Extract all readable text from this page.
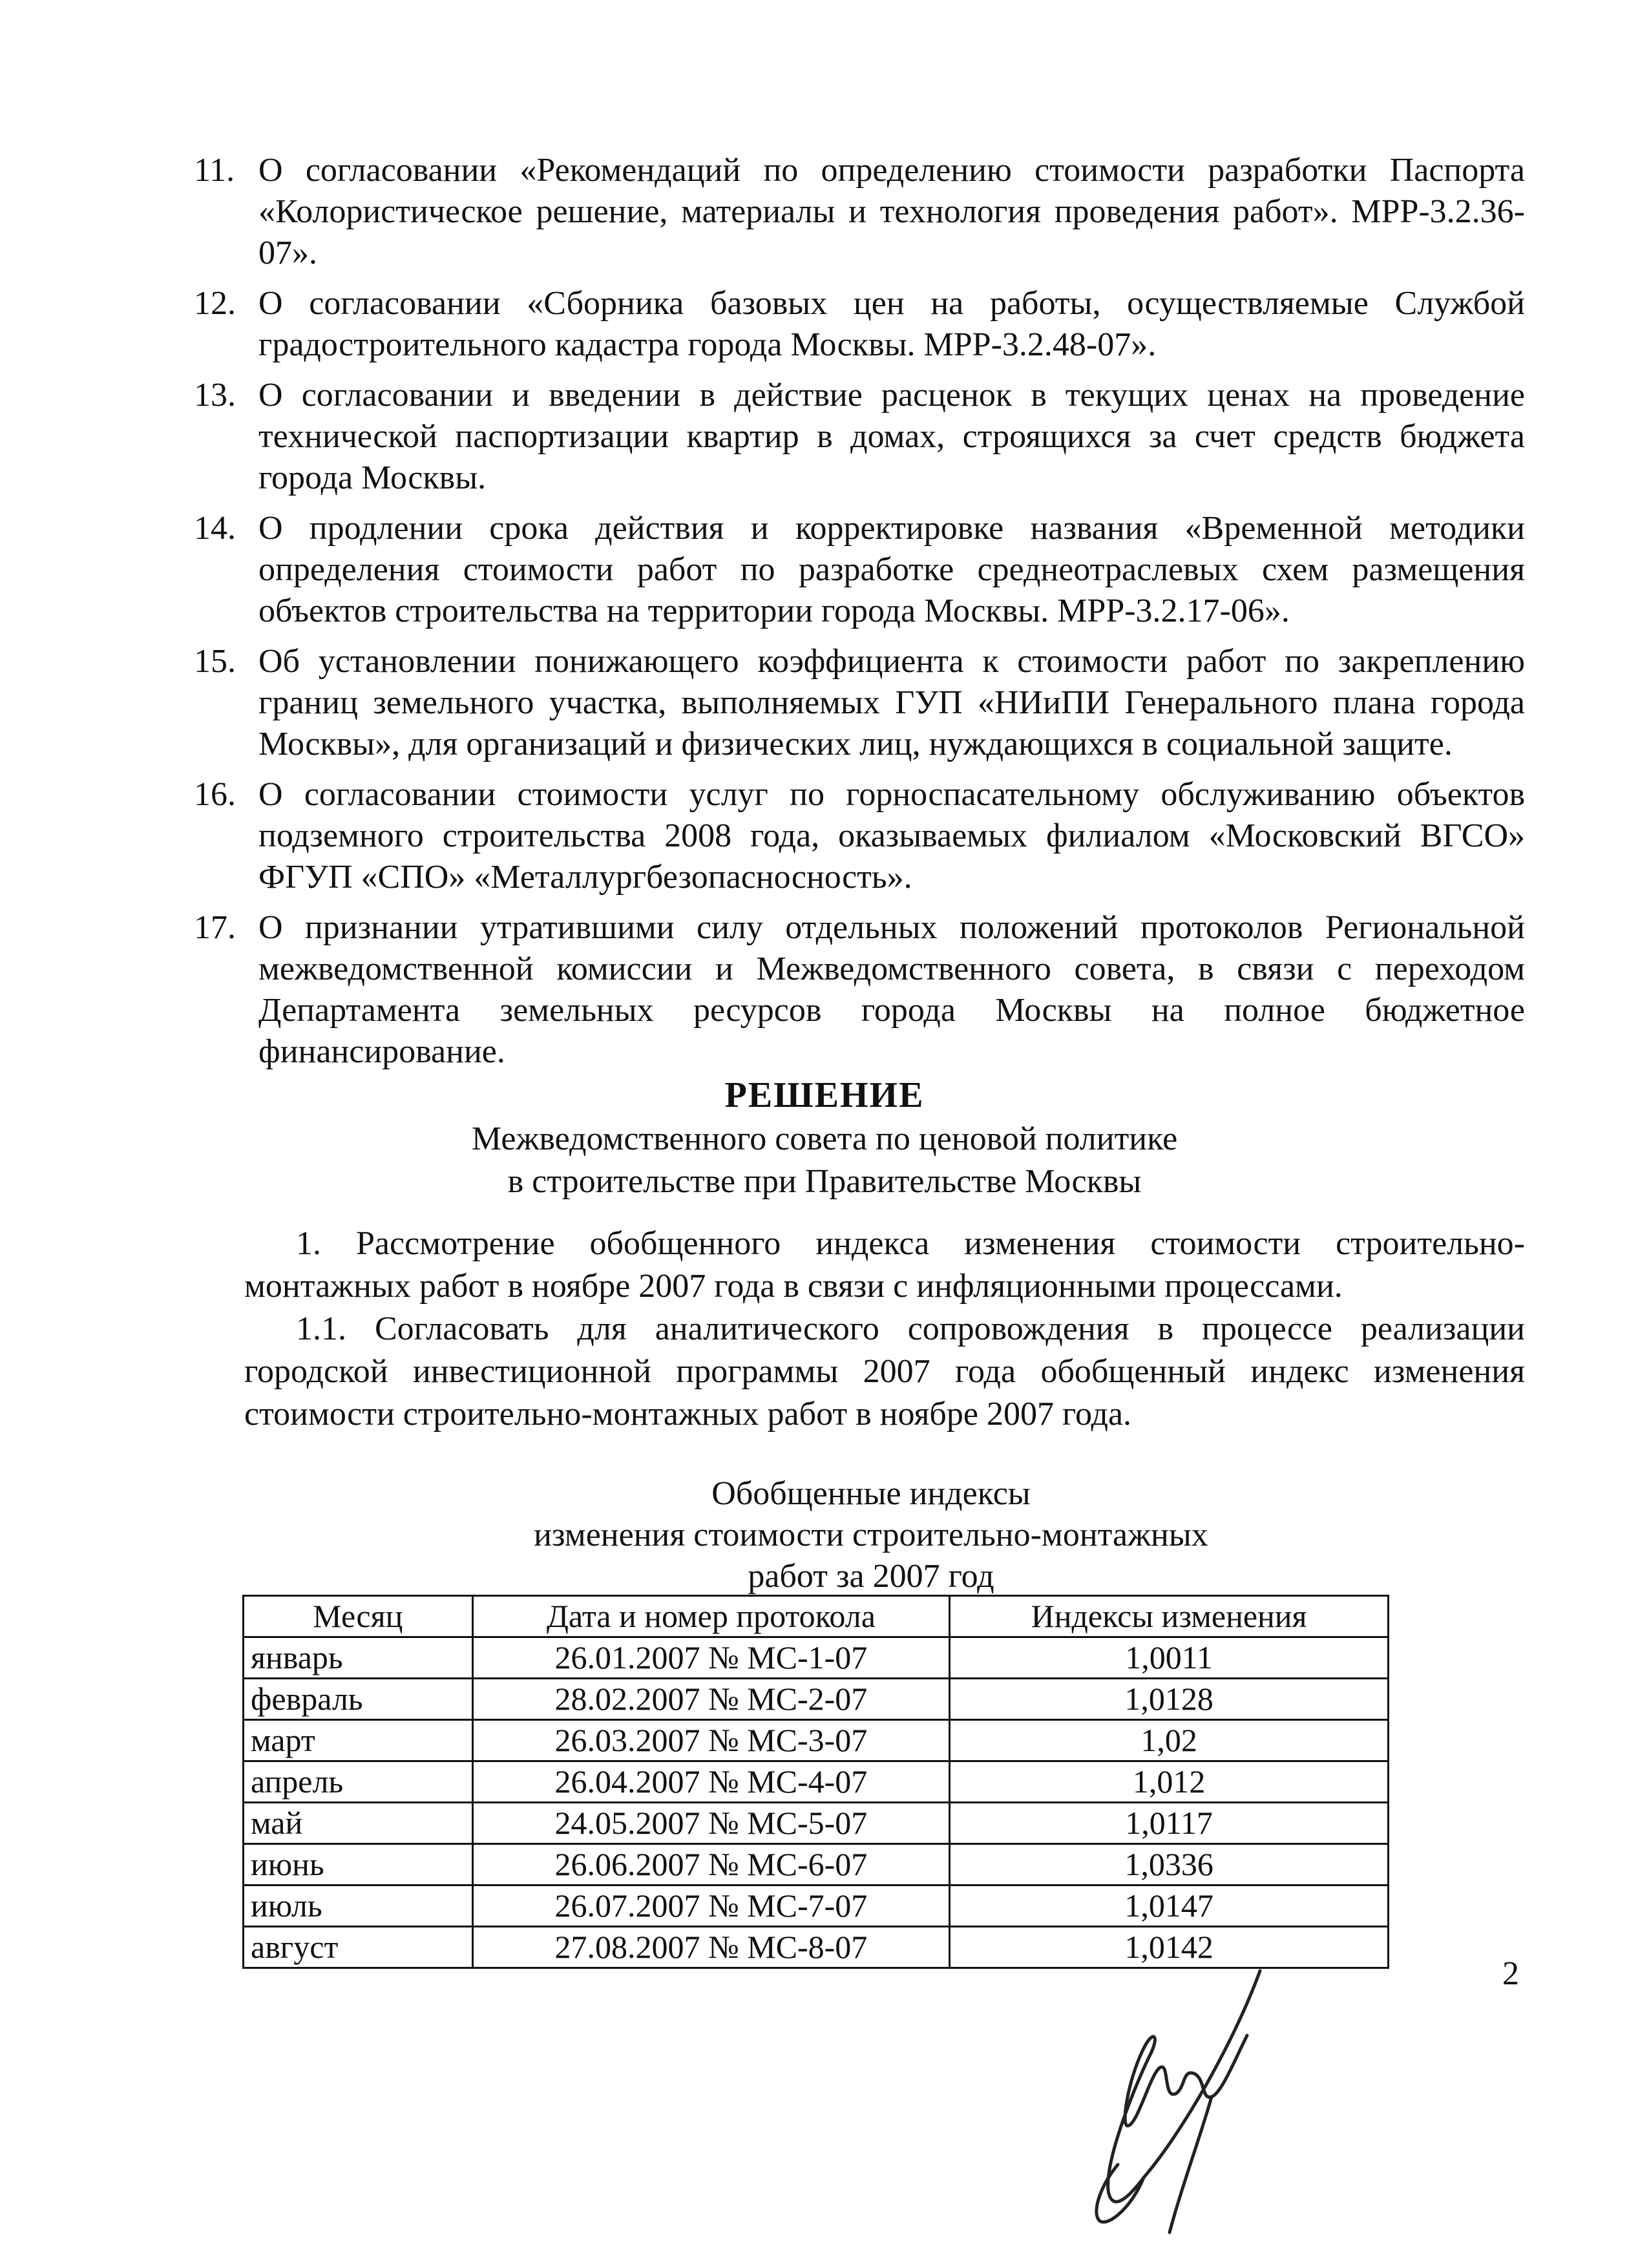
11. О согласовании «Рекомендаций по определению стоимости разработки Паспорта «Колористическое решение, материалы и технология проведения работ». МРР-3.2.36-07».
12. О согласовании «Сборника базовых цен на работы, осуществляемые Службой градостроительного кадастра города Москвы. МРР-3.2.48-07».
13. О согласовании и введении в действие расценок в текущих ценах на проведение технической паспортизации квартир в домах, строящихся за счет средств бюджета города Москвы.
14. О продлении срока действия и корректировке названия «Временной методики определения стоимости работ по разработке среднеотраслевых схем размещения объектов строительства на территории города Москвы. МРР-3.2.17-06».
15. Об установлении понижающего коэффициента к стоимости работ по закреплению границ земельного участка, выполняемых ГУП «НИиПИ Генерального плана города Москвы», для организаций и физических лиц, нуждающихся в социальной защите.
16. О согласовании стоимости услуг по горноспасательному обслуживанию объектов подземного строительства 2008 года, оказываемых филиалом «Московский ВГСО» ФГУП «СПО» «Металлургбезопасносность».
17. О признании утратившими силу отдельных положений протоколов Региональной межведомственной комиссии и Межведомственного совета, в связи с переходом Департамента земельных ресурсов города Москвы на полное бюджетное финансирование.
РЕШЕНИЕ
Межведомственного совета по ценовой политике
в строительстве при Правительстве Москвы
1. Рассмотрение обобщенного индекса изменения стоимости строительно-монтажных работ в ноябре 2007 года в связи с инфляционными процессами.
1.1. Согласовать для аналитического сопровождения в процессе реализации городской инвестиционной программы 2007 года обобщенный индекс изменения стоимости строительно-монтажных работ в ноябре 2007 года.
Обобщенные индексы
изменения стоимости строительно-монтажных
работ за 2007 год
Месяц	Дата и номер протокола	Индексы изменения
январь	26.01.2007 № МС-1-07	1,0011
февраль	28.02.2007 № МС-2-07	1,0128
март	26.03.2007 № МС-3-07	1,02
апрель	26.04.2007 № МС-4-07	1,012
май	24.05.2007 № МС-5-07	1,0117
июнь	26.06.2007 № МС-6-07	1,0336
июль	26.07.2007 № МС-7-07	1,0147
август	27.08.2007 № МС-8-07	1,0142
2
